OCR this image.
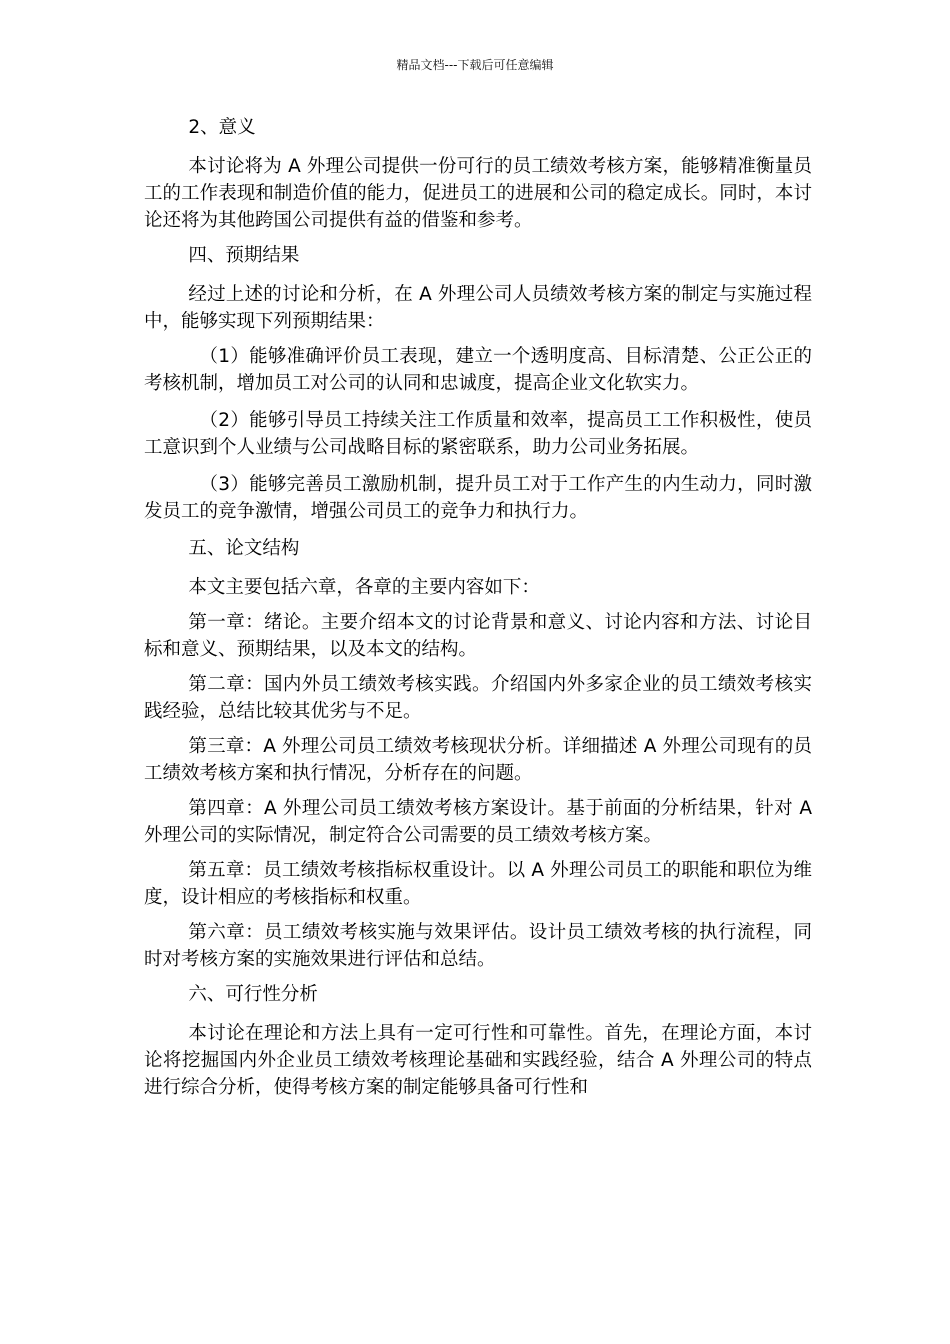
精品文档---下载后可任意编辑

2、意义

本讨论将为 A 外理公司提供一份可行的员工绩效考核方案，能够精准衡量员工的工作表现和制造价值的能力，促进员工的进展和公司的稳定成长。同时，本讨论还将为其他跨国公司提供有益的借鉴和参考。

四、预期结果

经过上述的讨论和分析，在 A 外理公司人员绩效考核方案的制定与实施过程中，能够实现下列预期结果：

（1）能够准确评价员工表现，建立一个透明度高、目标清楚、公正公正的考核机制，增加员工对公司的认同和忠诚度，提高企业文化软实力。

（2）能够引导员工持续关注工作质量和效率，提高员工工作积极性，使员工意识到个人业绩与公司战略目标的紧密联系，助力公司业务拓展。

（3）能够完善员工激励机制，提升员工对于工作产生的内生动力，同时激发员工的竞争激情，增强公司员工的竞争力和执行力。

五、论文结构

本文主要包括六章，各章的主要内容如下：

第一章：绪论。主要介绍本文的讨论背景和意义、讨论内容和方法、讨论目标和意义、预期结果，以及本文的结构。

第二章：国内外员工绩效考核实践。介绍国内外多家企业的员工绩效考核实践经验，总结比较其优劣与不足。

第三章：A 外理公司员工绩效考核现状分析。详细描述 A 外理公司现有的员工绩效考核方案和执行情况，分析存在的问题。

第四章：A 外理公司员工绩效考核方案设计。基于前面的分析结果，针对 A 外理公司的实际情况，制定符合公司需要的员工绩效考核方案。

第五章：员工绩效考核指标权重设计。以 A 外理公司员工的职能和职位为维度，设计相应的考核指标和权重。

第六章：员工绩效考核实施与效果评估。设计员工绩效考核的执行流程，同时对考核方案的实施效果进行评估和总结。

六、可行性分析

本讨论在理论和方法上具有一定可行性和可靠性。首先，在理论方面，本讨论将挖掘国内外企业员工绩效考核理论基础和实践经验，结合 A 外理公司的特点进行综合分析，使得考核方案的制定能够具备可行性和
